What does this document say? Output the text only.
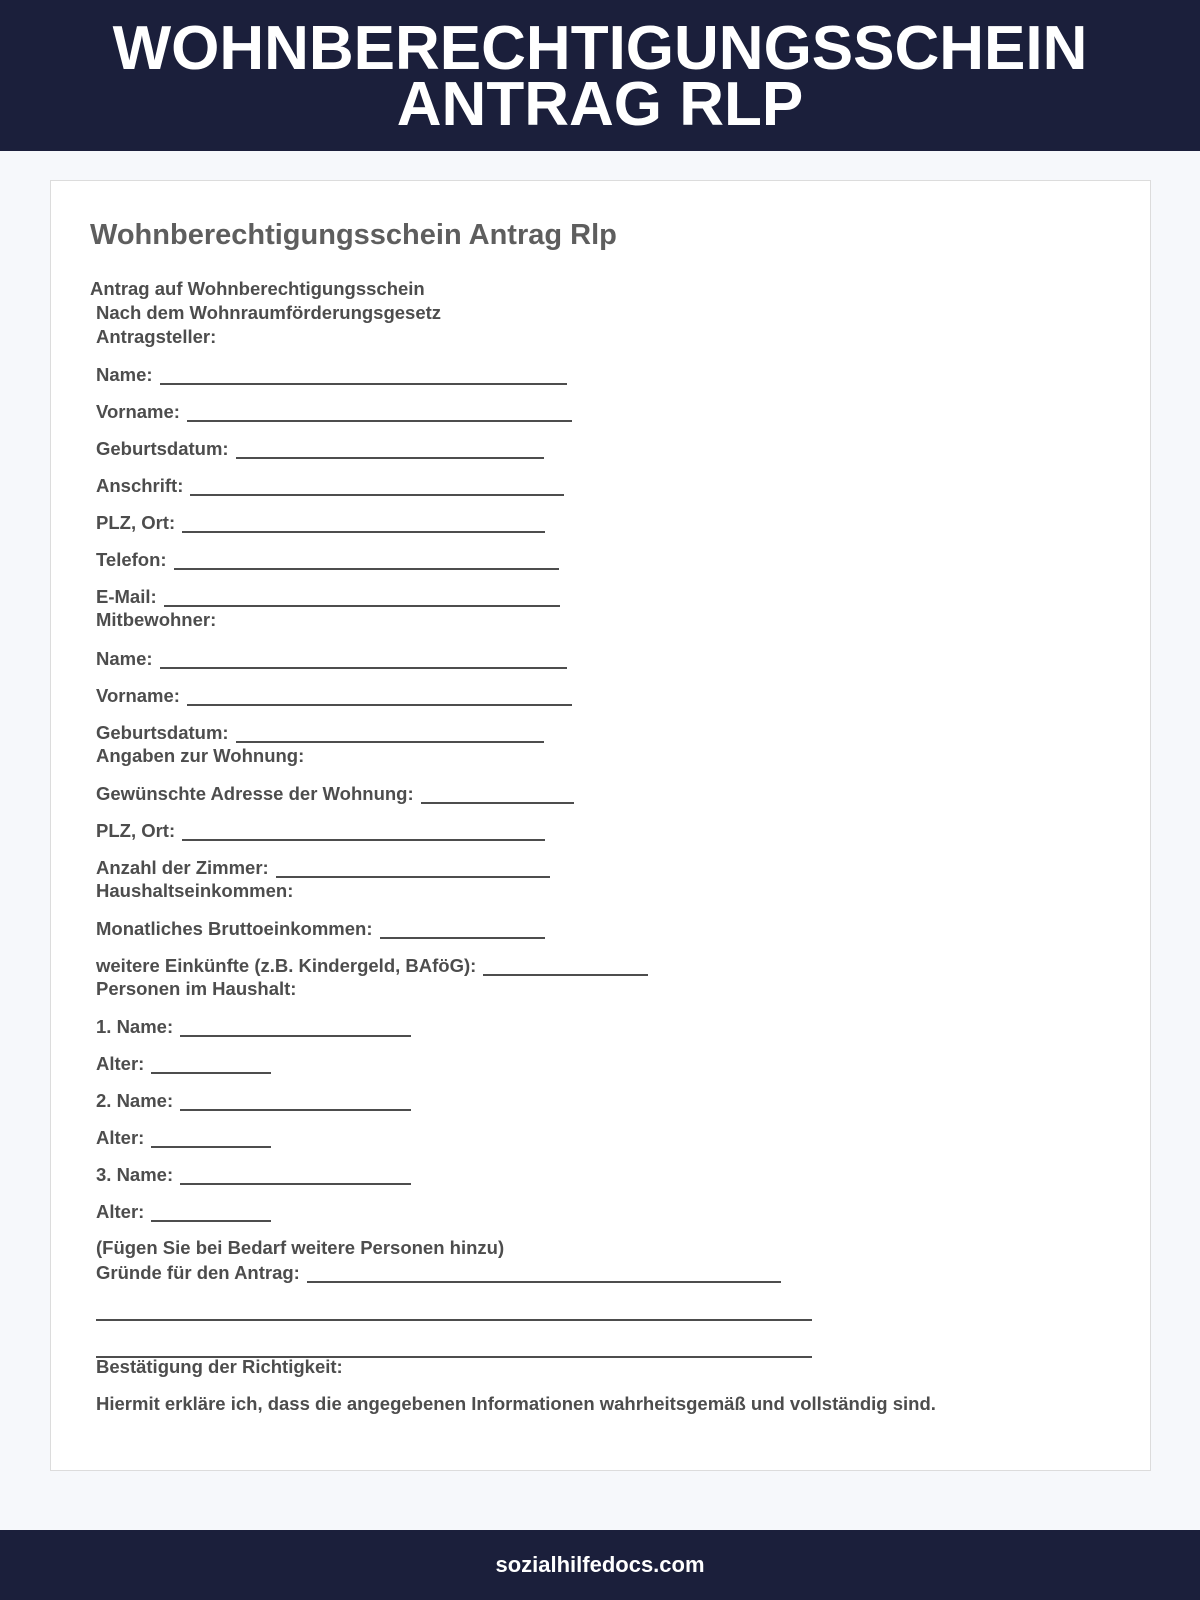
WOHNBERECHTIGUNGSSCHEIN ANTRAG RLP
Wohnberechtigungsschein Antrag Rlp
Antrag auf Wohnberechtigungsschein
Nach dem Wohnraumförderungsgesetz
Antragsteller:
Name:
Vorname:
Geburtsdatum:
Anschrift:
PLZ, Ort:
Telefon:
E-Mail:
Mitbewohner:
Name:
Vorname:
Geburtsdatum:
Angaben zur Wohnung:
Gewünschte Adresse der Wohnung:
PLZ, Ort:
Anzahl der Zimmer:
Haushaltseinkommen:
Monatliches Bruttoeinkommen:
weitere Einkünfte (z.B. Kindergeld, BAföG):
Personen im Haushalt:
1. Name:
Alter:
2. Name:
Alter:
3. Name:
Alter:
(Fügen Sie bei Bedarf weitere Personen hinzu)
Gründe für den Antrag:
Bestätigung der Richtigkeit:
Hiermit erkläre ich, dass die angegebenen Informationen wahrheitsgemäß und vollständig sind.
sozialhilfedocs.com
